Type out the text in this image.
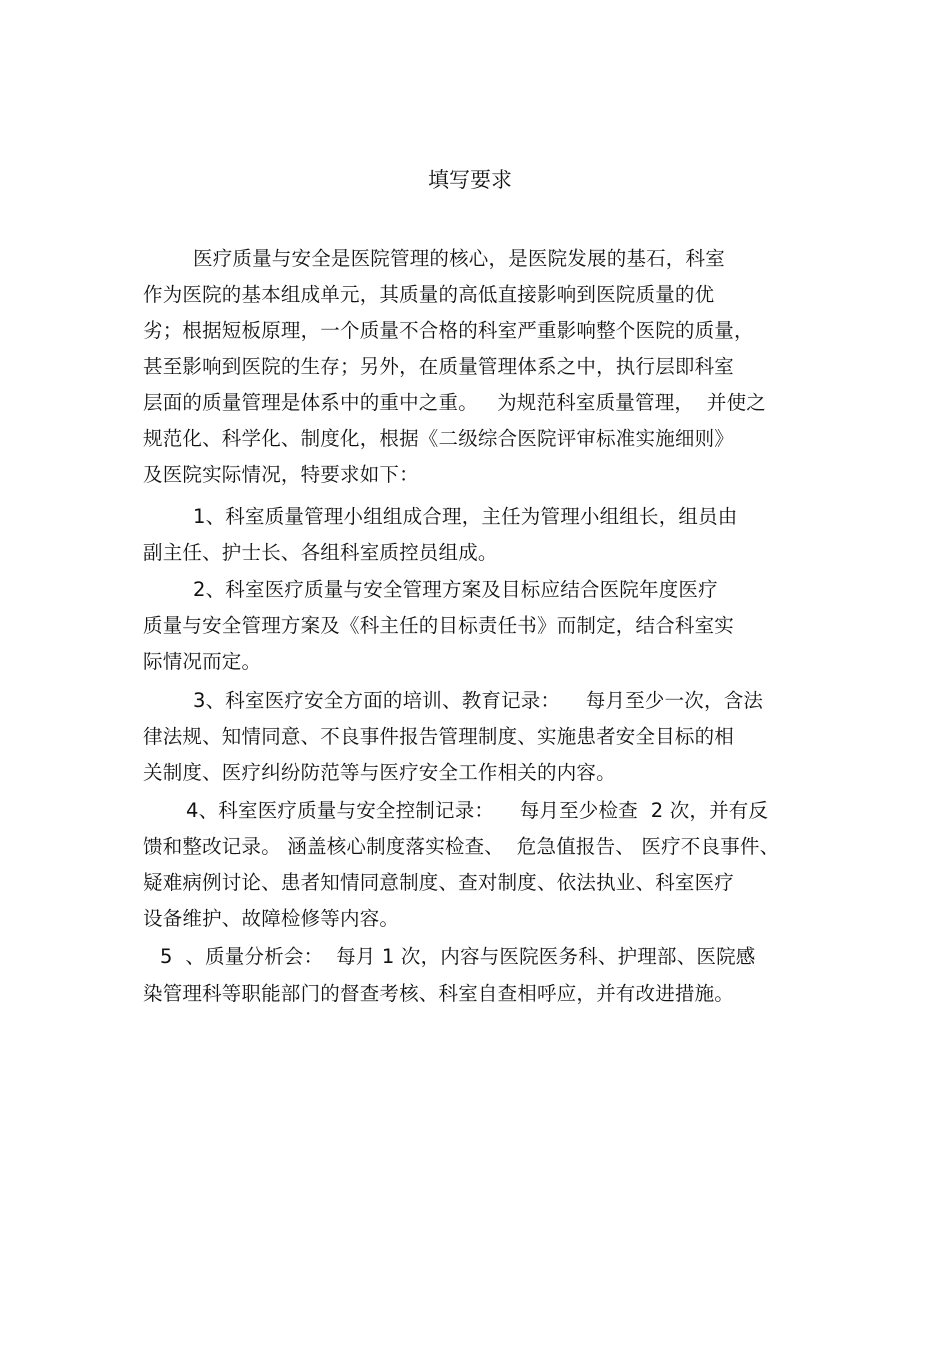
填写要求
医疗质量与安全是医院管理的核心，是医院发展的基石，科室
作为医院的基本组成单元，其质量的高低直接影响到医院质量的优
劣；根据短板原理，一个质量不合格的科室严重影响整个医院的质量，
甚至影响到医院的生存；另外，在质量管理体系之中，执行层即科室
层面的质量管理是体系中的重中之重。   为规范科室质量管理，  并使之
规范化、科学化、制度化，根据《二级综合医院评审标准实施细则》
及医院实际情况，特要求如下：
1、科室质量管理小组组成合理，主任为管理小组组长，组员由
副主任、护士长、各组科室质控员组成。
2、科室医疗质量与安全管理方案及目标应结合医院年度医疗
质量与安全管理方案及《科主任的目标责任书》而制定，结合科室实
际情况而定。
3、科室医疗安全方面的培训、教育记录：    每月至少一次，含法
律法规、知情同意、不良事件报告管理制度、实施患者安全目标的相
关制度、医疗纠纷防范等与医疗安全工作相关的内容。
4、科室医疗质量与安全控制记录：    每月至少检查  2 次，并有反
馈和整改记录。 涵盖核心制度落实检查、  危急值报告、 医疗不良事件、
疑难病例讨论、患者知情同意制度、查对制度、依法执业、科室医疗
设备维护、故障检修等内容。
5  、质量分析会：  每月 1 次，内容与医院医务科、护理部、医院感
染管理科等职能部门的督查考核、科室自查相呼应，并有改进措施。
